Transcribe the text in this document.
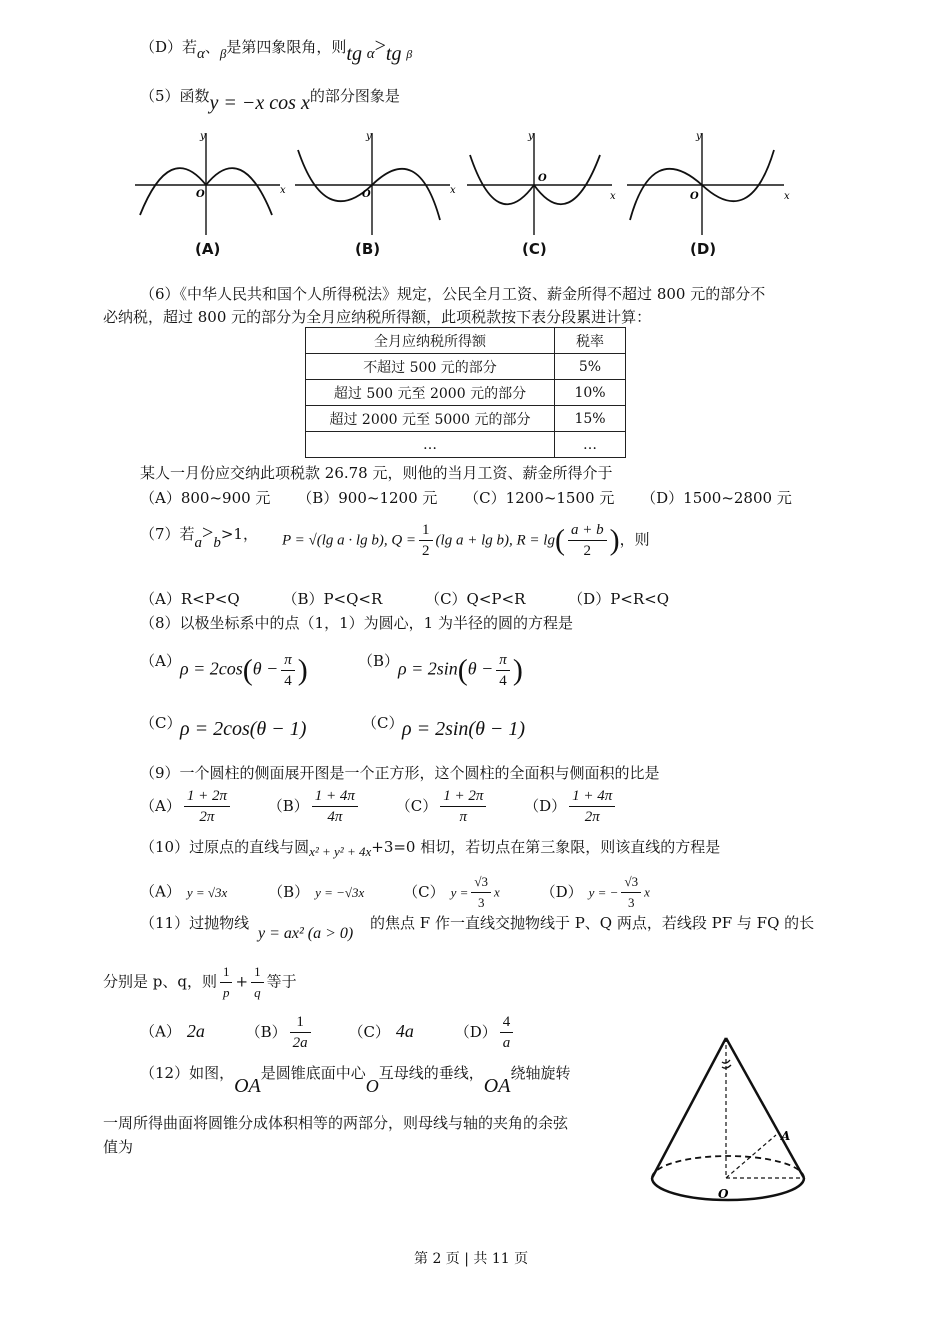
（D）若α、β是第四象限角，则tg α>tg $_\beta$
（5）函数y = −x cos x的部分图象是
y
x
O
(A)
y
x
O
(B)
y
x
O
(C)
y
x
O
(D)
（6）《中华人民共和国个人所得税法》规定，公民全月工资、薪金所得不超过 800 元的部分不
必纳税，超过 800 元的部分为全月应纳税所得额，此项税款按下表分段累进计算：
全月应纳税所得额	税率
不超过 500 元的部分	5%
超过 500 元至 2000 元的部分	10%
超过 2000 元至 5000 元的部分	15%
…	…
某人一月份应交纳此项税款 26.78 元，则他的当月工资、薪金所得介于
（A）800~900 元 （B）900~1200 元 （C）1200~1500 元 （D）1500~2800 元
（7）若a>b>1， P = √(lg a · lg b), $Q = \frac{1}{2} (\lg$ a + lg b), $R = \lg( \frac{a + b}{2}$ )，则
（A）R<P<Q	（B）P<Q<R	（C）Q<P<R	（D）P<R<Q
（8）以极坐标系中的点（1，1）为圆心，1 为半径的圆的方程是
（A） $\rho = 2\cos(\theta - \frac{\pi}{4}$ )	（B）
$\rho = 2\sin(\theta - \frac{\pi}{4}$ )
（C）
ρ = 2cos(θ − 1)	（C）
ρ = 2sin(θ − 1)
（9）一个圆柱的侧面展开图是一个正方形，这个圆柱的全面积与侧面积的比是
$(A) \frac{1 + 2\pi}{2\pi}$	$(B) \frac{1 + 4\pi}{4\pi}$	$(C) \frac{1 + 2\pi}{\pi}$	$(D) \frac{1 + 4\pi}{2\pi}$
（10）过原点的直线与圆x² + y² + 4x+3=0 相切，若切点在第三象限，则该直线的方程是
（A） y = √3x	（B） y = −√3x	（C） $y = \frac{√3}{3}$ x	（D） y = − $\frac{√3}{3}$ x
（11）过抛物线
y = ax² (a > 0)
的焦点 F 作一直线交抛物线于 P、Q 两点，若线段 PF 与 FQ 的长
分别是 p、q，则 $\frac{1}{p} + \frac{1}{q}$ 等于
（A） 2a	$(B) \frac{1}{2a}$	（C） 4a	$(D) \frac{4}{a}$
（12）如图，OA是圆锥底面中心O互母线的垂线，OA绕轴旋转
一周所得曲面将圆锥分成体积相等的两部分，则母线与轴的夹角的余弦
值为
A
O
第 2 页 | 共 11 页
